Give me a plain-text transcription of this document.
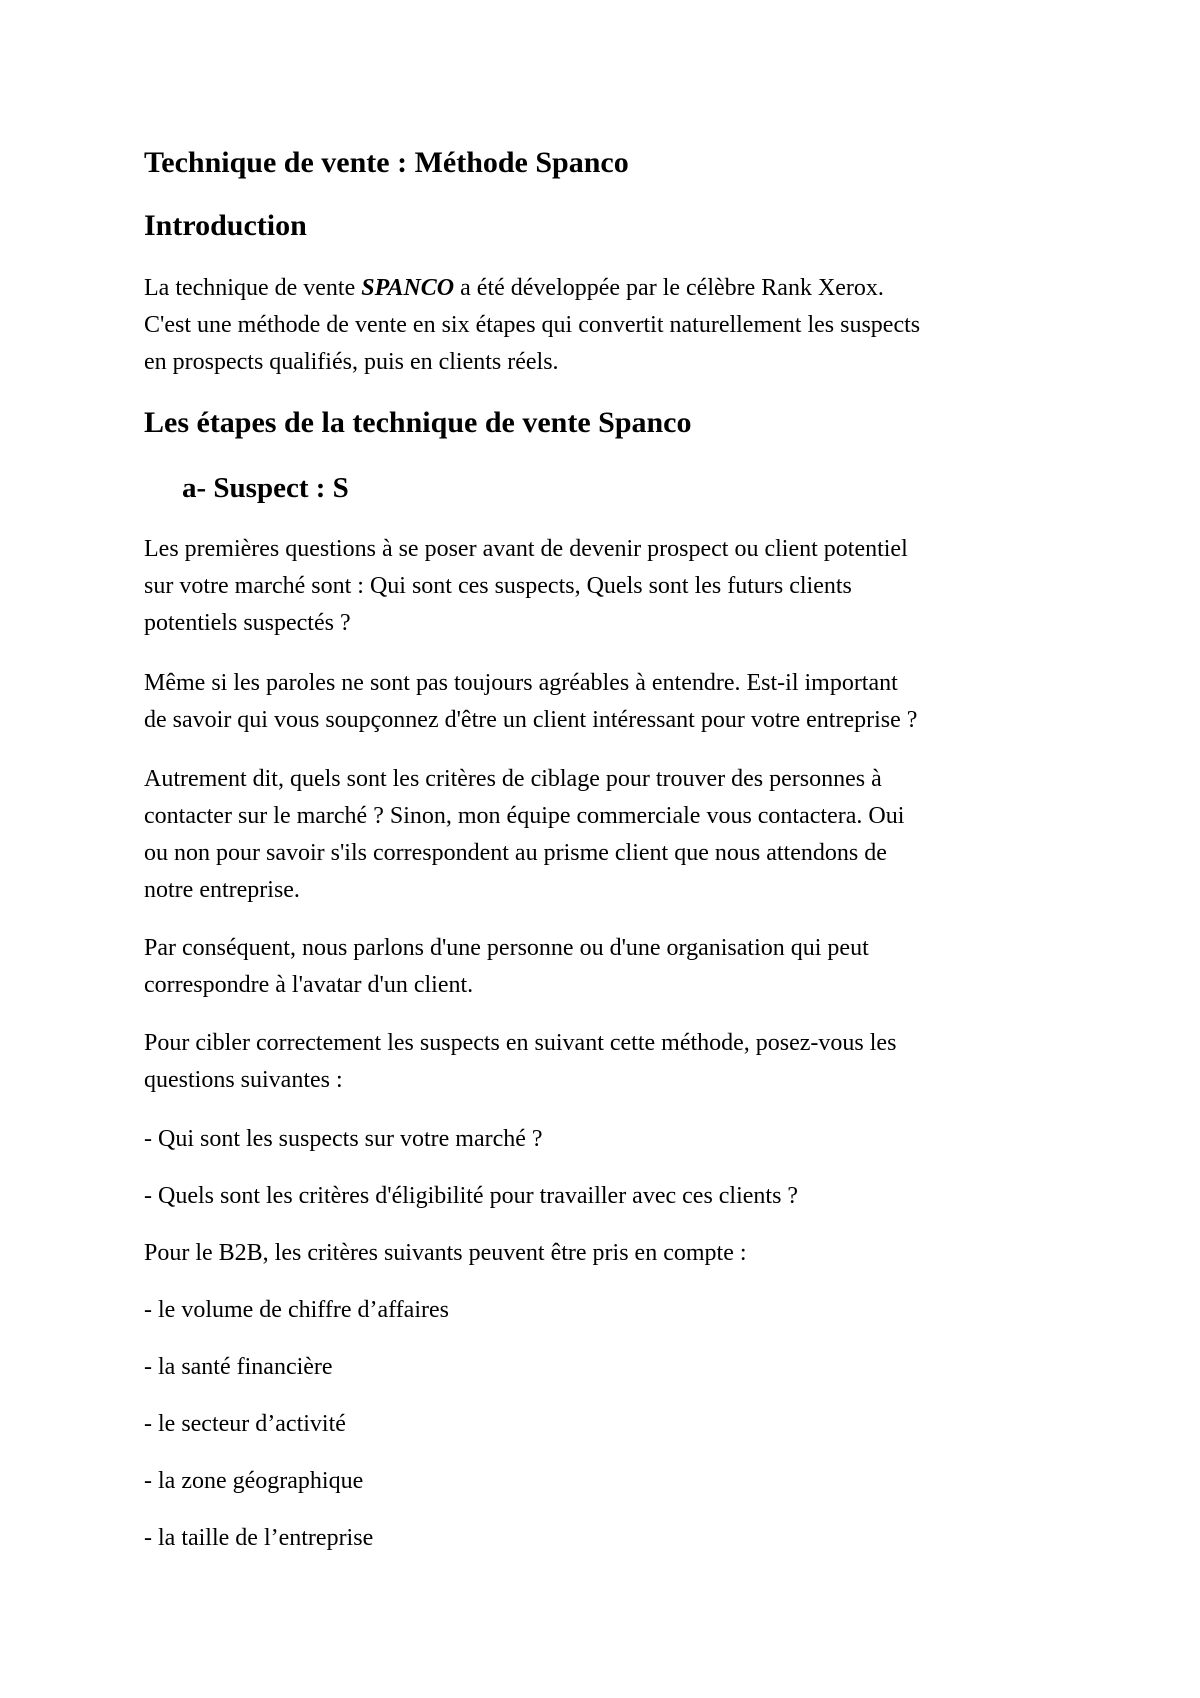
Technique de vente : Méthode Spanco
Introduction
La technique de vente SPANCO a été développée par le célèbre Rank Xerox.
C'est une méthode de vente en six étapes qui convertit naturellement les suspects
en prospects qualifiés, puis en clients réels.
Les étapes de la technique de vente Spanco
a- Suspect : S
Les premières questions à se poser avant de devenir prospect ou client potentiel
sur votre marché sont : Qui sont ces suspects, Quels sont les futurs clients
potentiels suspectés ?
Même si les paroles ne sont pas toujours agréables à entendre. Est-il important
de savoir qui vous soupçonnez d'être un client intéressant pour votre entreprise ?
Autrement dit, quels sont les critères de ciblage pour trouver des personnes à
contacter sur le marché ? Sinon, mon équipe commerciale vous contactera. Oui
ou non pour savoir s'ils correspondent au prisme client que nous attendons de
notre entreprise.
Par conséquent, nous parlons d'une personne ou d'une organisation qui peut
correspondre à l'avatar d'un client.
Pour cibler correctement les suspects en suivant cette méthode, posez-vous les
questions suivantes :
- Qui sont les suspects sur votre marché ?
- Quels sont les critères d'éligibilité pour travailler avec ces clients ?
Pour le B2B, les critères suivants peuvent être pris en compte :
- le volume de chiffre d’affaires
- la santé financière
- le secteur d’activité
- la zone géographique
- la taille de l’entreprise
